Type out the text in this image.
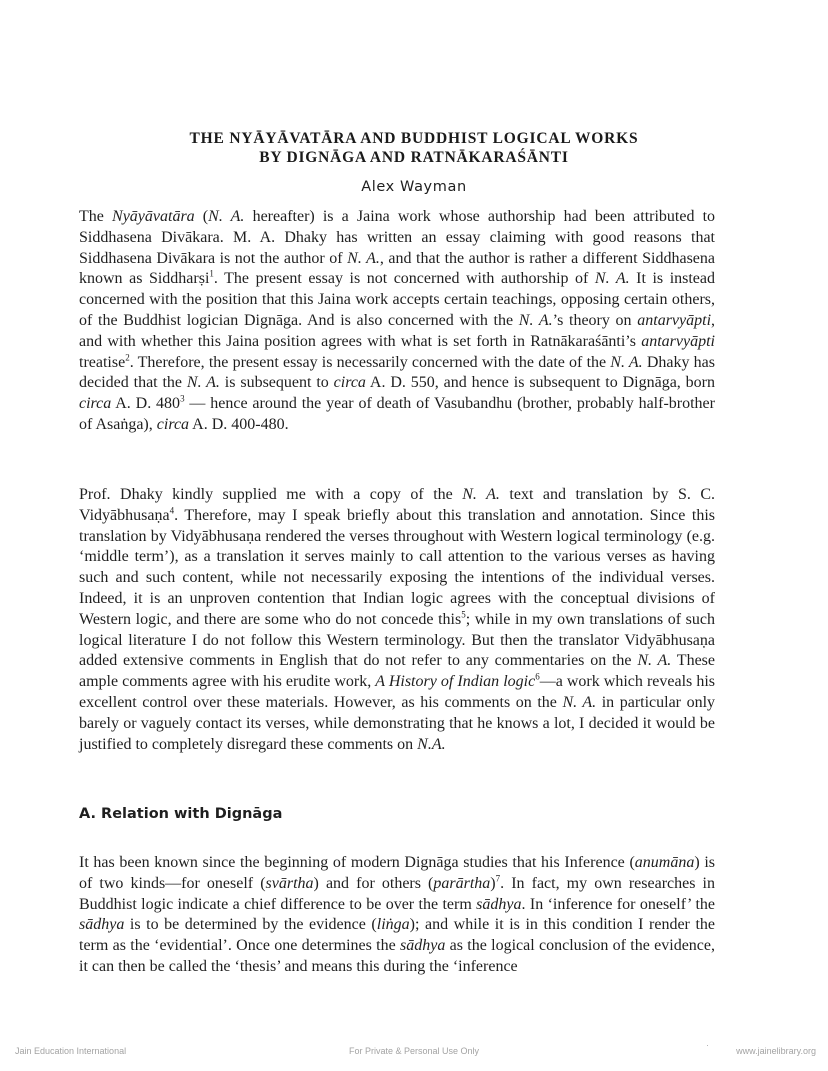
THE NYĀYĀVATĀRA AND BUDDHIST LOGICAL WORKS
BY DIGNĀGA AND RATNĀKARAŚĀNTI
Alex Wayman

The Nyāyāvatāra (N. A. hereafter) is a Jaina work whose authorship had been attributed to Siddhasena Divākara. M. A. Dhaky has written an essay claiming with good reasons that Siddhasena Divākara is not the author of N. A., and that the author is rather a different Siddhasena known as Siddharṣi$^1$. The present essay is not concerned with authorship of N. A. It is instead concerned with the position that this Jaina work accepts certain teachings, opposing certain others, of the Buddhist logician Dignāga. And is also concerned with the N. A.’s theory on antarvyāpti, and with whether this Jaina position agrees with what is set forth in Ratnākaraśānti’s antarvyāpti treatise$^2$. Therefore, the present essay is necessarily concerned with the date of the N. A. Dhaky has decided that the N. A. is subsequent to circa A. D. 550, and hence is subsequent to Dignāga, born circa A. D. $480^3$ — hence around the year of death of Vasubandhu (brother, probably half-brother of Asaṅga), circa A. D. 400-480.

Prof. Dhaky kindly supplied me with a copy of the N. A. text and translation by S. C. Vidyābhusaṇa$^4$. Therefore, may I speak briefly about this translation and annotation. Since this translation by Vidyābhusaṇa rendered the verses throughout with Western logical terminology (e.g. ‘middle term’), as a translation it serves mainly to call attention to the various verses as having such and such content, while not necessarily exposing the intentions of the individual verses. Indeed, it is an unproven contention that Indian logic agrees with the conceptual divisions of Western logic, and there are some who do not concede this$^5$; while in my own translations of such logical literature I do not follow this Western terminology. But then the translator Vidyābhusaṇa added extensive comments in English that do not refer to any commentaries on the N. A. These ample comments agree with his erudite work, A History of Indian logic$^6$—a work which reveals his excellent control over these materials. However, as his comments on the N. A. in particular only barely or vaguely contact its verses, while demonstrating that he knows a lot, I decided it would be justified to completely disregard these comments on N.A.

A. Relation with Dignāga

It has been known since the beginning of modern Dignāga studies that his Inference (anumāna) is of two kinds—for oneself (svārtha) and for others (parārtha)$^7$. In fact, my own researches in Buddhist logic indicate a chief difference to be over the term sādhya. In ‘inference for oneself’ the sādhya is to be determined by the evidence (liṅga); and while it is in this condition I render the term as the ‘evidential’. Once one determines the sādhya as the logical conclusion of the evidence, it can then be called the ‘thesis’ and means this during the ‘inference

·
Jain Education International	For Private & Personal Use Only	www.jainelibrary.org
